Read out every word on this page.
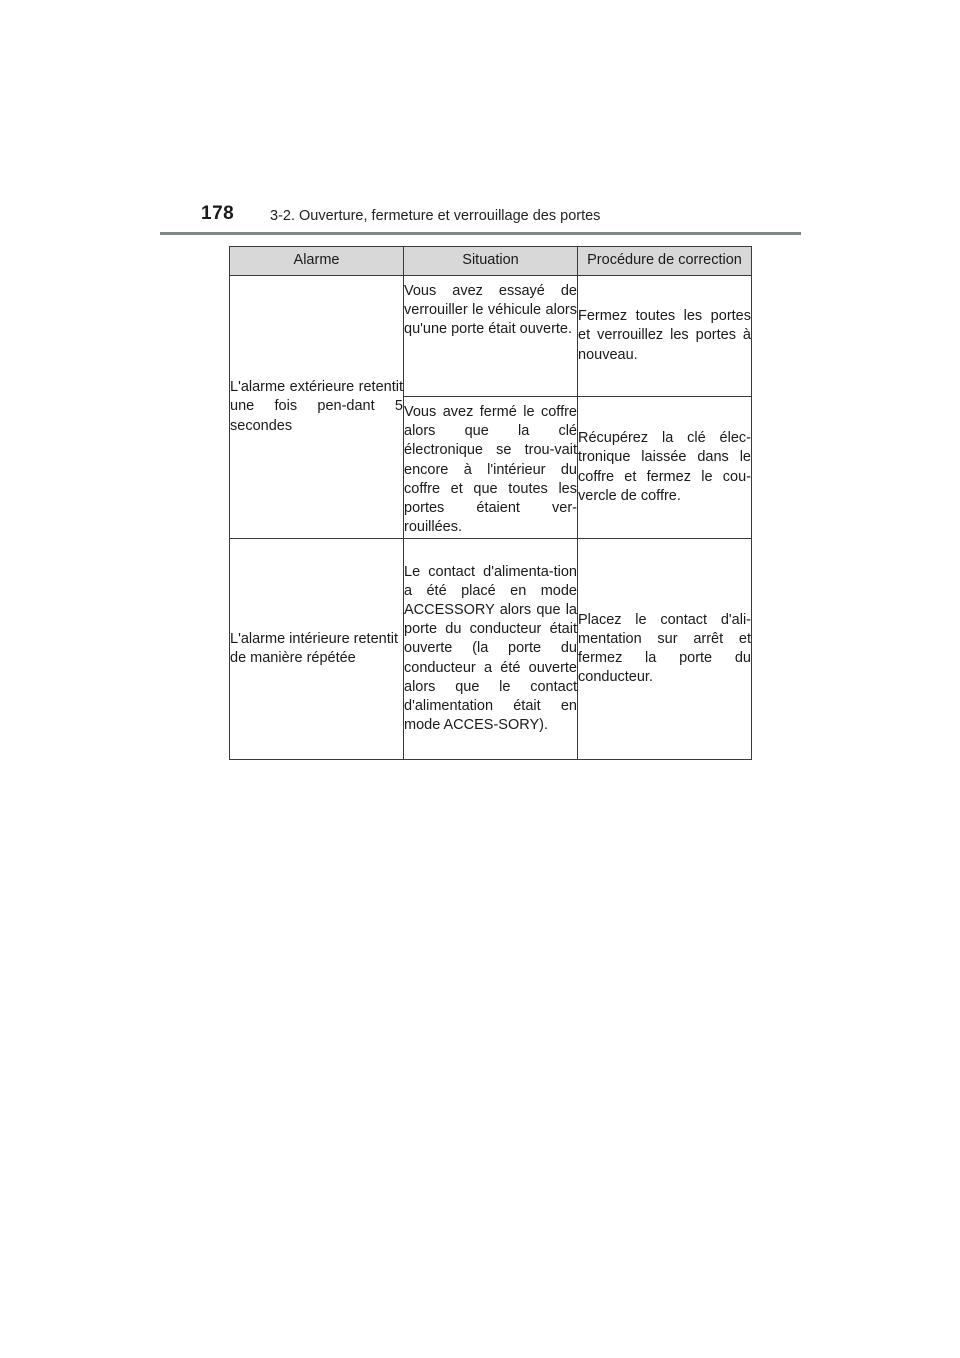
178 3-2. Ouverture, fermeture et verrouillage des portes
Alarme	Situation	Procédure de correction
L'alarme extérieure retentit une fois pen-dant 5 secondes	Vous avez essayé de verrouiller le véhicule alors qu'une porte était ouverte.	Fermez toutes les portes et verrouillez les portes à nouveau.
	Vous avez fermé le coffre alors que la clé électronique se trou-vait encore à l'intérieur du coffre et que toutes les portes étaient ver-rouillées.	Récupérez la clé élec-tronique laissée dans le coffre et fermez le cou-vercle de coffre.
L'alarme intérieure retentit de manière répétée	Le contact d'alimenta-tion a été placé en mode ACCESSORY alors que la porte du conducteur était ouverte (la porte du conducteur a été ouverte alors que le contact d'alimentation était en mode ACCES-SORY).	Placez le contact d'ali-mentation sur arrêt et fermez la porte du conducteur.
